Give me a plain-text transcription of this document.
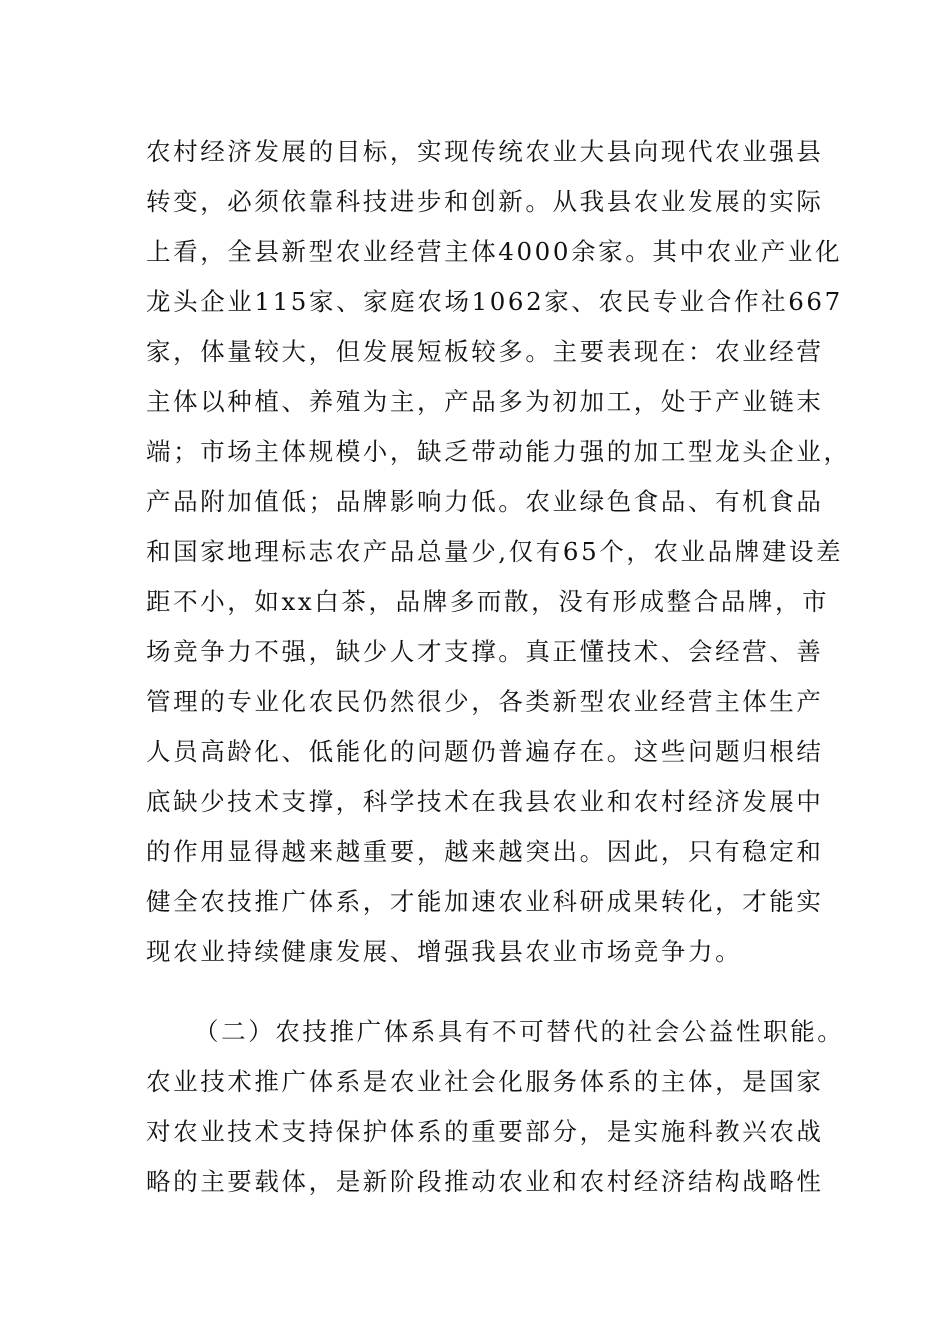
农村经济发展的目标，实现传统农业大县向现代农业强县
转变，必须依靠科技进步和创新。从我县农业发展的实际
上看，全县新型农业经营主体4000余家。其中农业产业化
龙头企业115家、家庭农场1062家、农民专业合作社667
家，体量较大，但发展短板较多。主要表现在：农业经营
主体以种植、养殖为主，产品多为初加工，处于产业链末
端；市场主体规模小，缺乏带动能力强的加工型龙头企业，
产品附加值低；品牌影响力低。农业绿色食品、有机食品
和国家地理标志农产品总量少,仅有65个，农业品牌建设差
距不小，如xx白茶，品牌多而散，没有形成整合品牌，市
场竞争力不强，缺少人才支撑。真正懂技术、会经营、善
管理的专业化农民仍然很少，各类新型农业经营主体生产
人员高龄化、低能化的问题仍普遍存在。这些问题归根结
底缺少技术支撑，科学技术在我县农业和农村经济发展中
的作用显得越来越重要，越来越突出。因此，只有稳定和
健全农技推广体系，才能加速农业科研成果转化，才能实
现农业持续健康发展、增强我县农业市场竞争力。
（二）农技推广体系具有不可替代的社会公益性职能。
农业技术推广体系是农业社会化服务体系的主体，是国家
对农业技术支持保护体系的重要部分，是实施科教兴农战
略的主要载体，是新阶段推动农业和农村经济结构战略性
